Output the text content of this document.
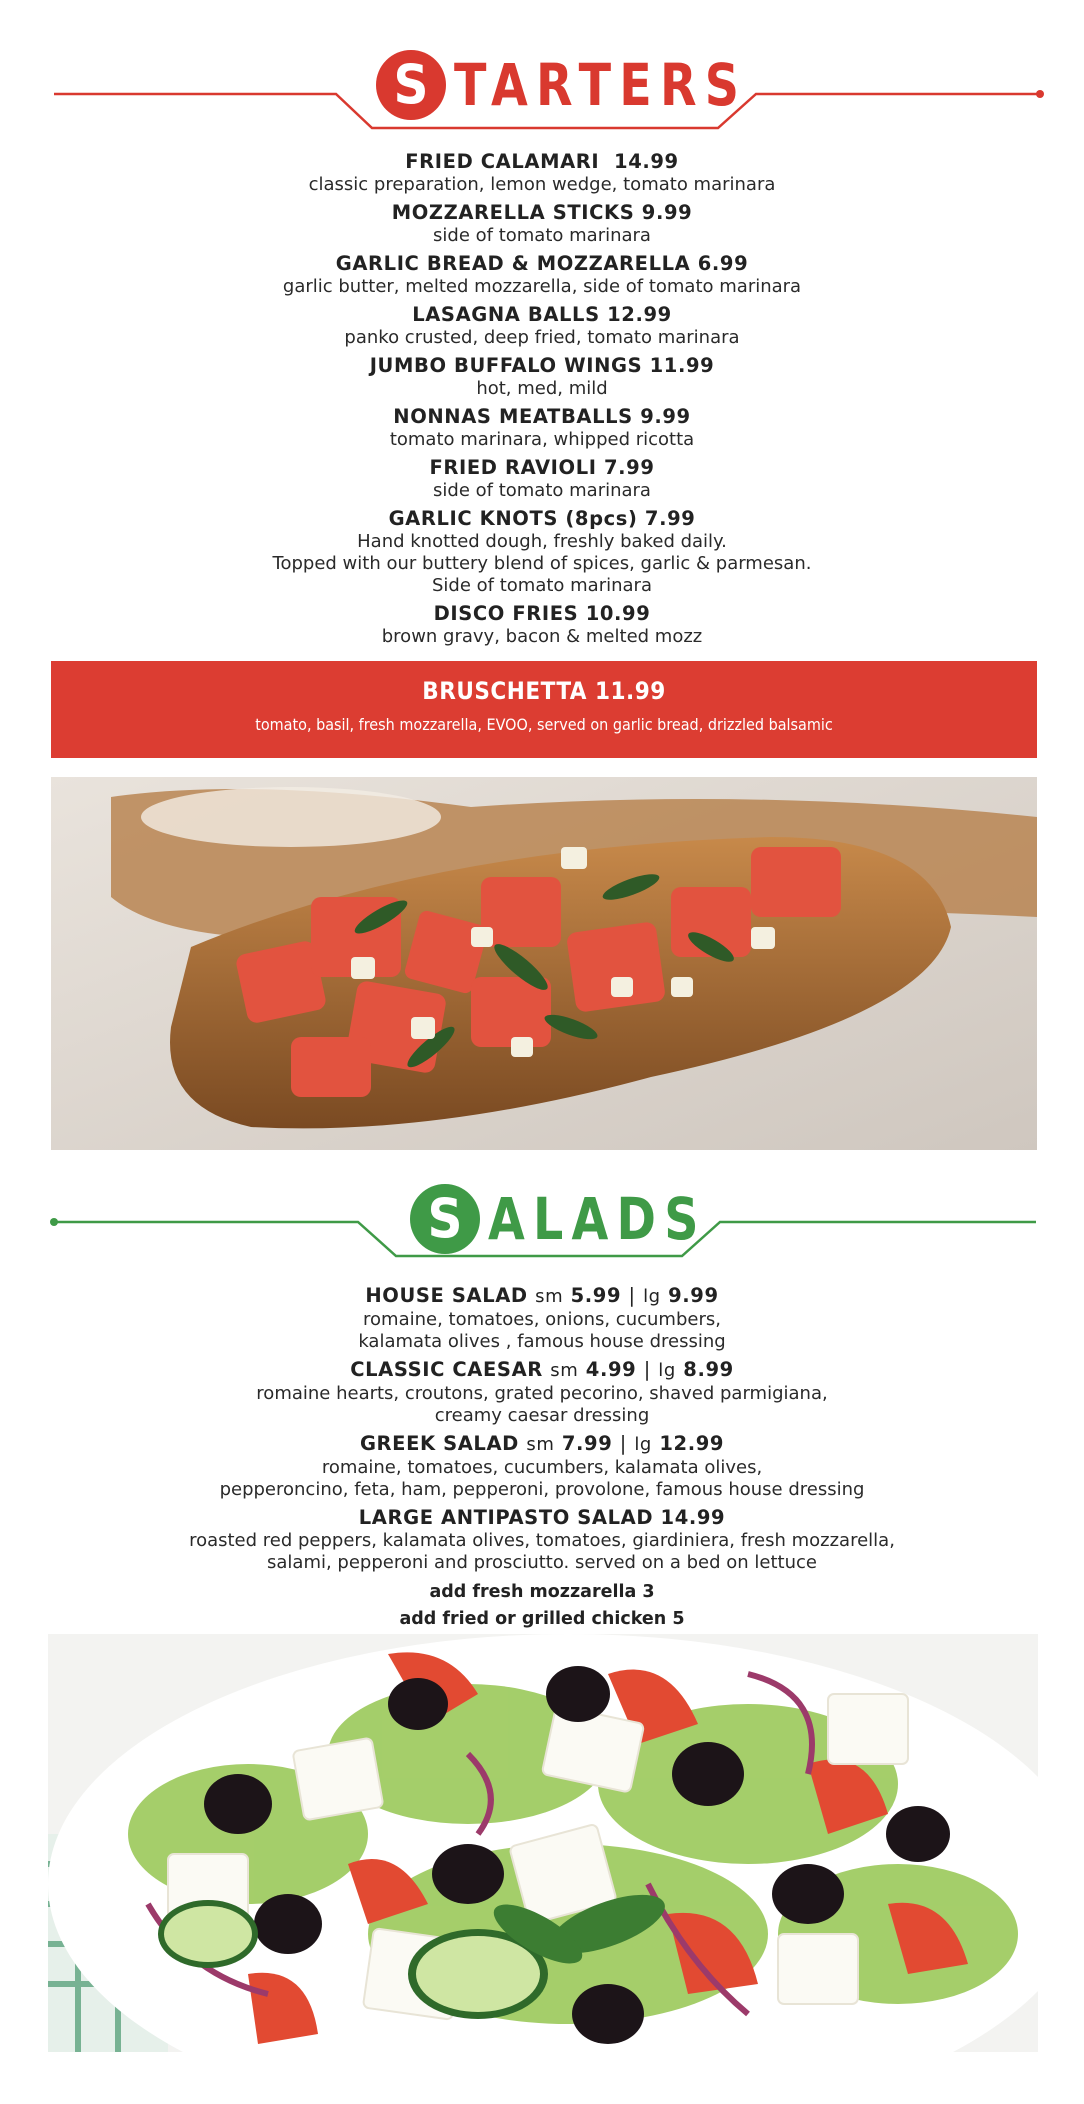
S TARTERS
FRIED CALAMARI 14.99
classic preparation, lemon wedge, tomato marinara
MOZZARELLA STICKS 9.99
side of tomato marinara
GARLIC BREAD & MOZZARELLA 6.99
garlic butter, melted mozzarella, side of tomato marinara
LASAGNA BALLS 12.99
panko crusted, deep fried, tomato marinara
JUMBO BUFFALO WINGS 11.99
hot, med, mild
NONNAS MEATBALLS 9.99
tomato marinara, whipped ricotta
FRIED RAVIOLI 7.99
side of tomato marinara
GARLIC KNOTS (8pcs) 7.99
Hand knotted dough, freshly baked daily.
Topped with our buttery blend of spices, garlic & parmesan.
Side of tomato marinara
DISCO FRIES 10.99
brown gravy, bacon & melted mozz
BRUSCHETTA 11.99
tomato, basil, fresh mozzarella, EVOO, served on garlic bread, drizzled balsamic
S ALADS
HOUSE SALAD sm 5.99 | lg 9.99
romaine, tomatoes, onions, cucumbers,
kalamata olives , famous house dressing
CLASSIC CAESAR sm 4.99 | lg 8.99
romaine hearts, croutons, grated pecorino, shaved parmigiana,
creamy caesar dressing
GREEK SALAD sm 7.99 | lg 12.99
romaine, tomatoes, cucumbers, kalamata olives,
pepperoncino, feta, ham, pepperoni, provolone, famous house dressing
LARGE ANTIPASTO SALAD 14.99
roasted red peppers, kalamata olives, tomatoes, giardiniera, fresh mozzarella,
salami, pepperoni and prosciutto. served on a bed on lettuce
add fresh mozzarella 3
add fried or grilled chicken 5
